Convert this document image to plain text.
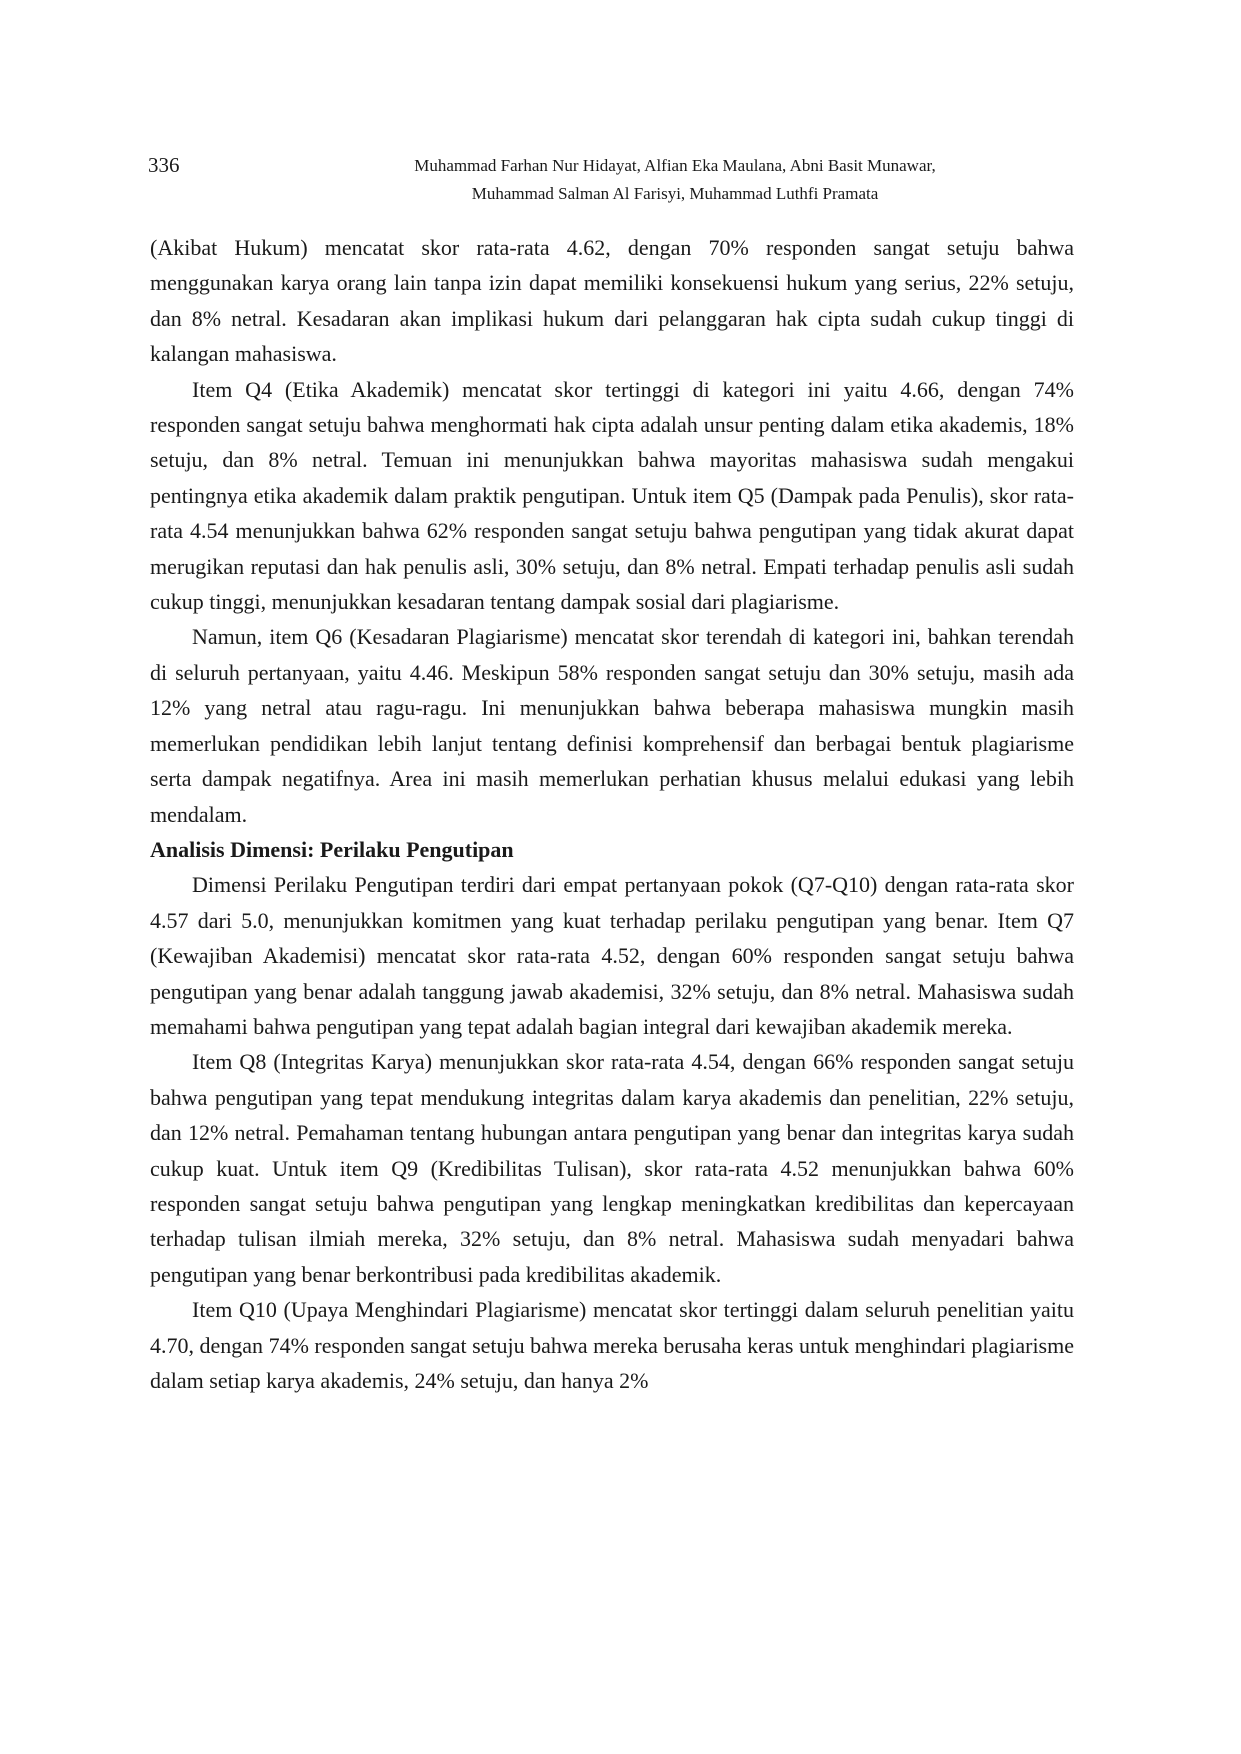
336	Muhammad Farhan Nur Hidayat, Alfian Eka Maulana, Abni Basit Munawar,
Muhammad Salman Al Farisyi, Muhammad Luthfi Pramata

(Akibat Hukum) mencatat skor rata-rata 4.62, dengan 70% responden sangat setuju bahwa menggunakan karya orang lain tanpa izin dapat memiliki konsekuensi hukum yang serius, 22% setuju, dan 8% netral. Kesadaran akan implikasi hukum dari pelanggaran hak cipta sudah cukup tinggi di kalangan mahasiswa.

Item Q4 (Etika Akademik) mencatat skor tertinggi di kategori ini yaitu 4.66, dengan 74% responden sangat setuju bahwa menghormati hak cipta adalah unsur penting dalam etika akademis, 18% setuju, dan 8% netral. Temuan ini menunjukkan bahwa mayoritas mahasiswa sudah mengakui pentingnya etika akademik dalam praktik pengutipan. Untuk item Q5 (Dampak pada Penulis), skor rata-rata 4.54 menunjukkan bahwa 62% responden sangat setuju bahwa pengutipan yang tidak akurat dapat merugikan reputasi dan hak penulis asli, 30% setuju, dan 8% netral. Empati terhadap penulis asli sudah cukup tinggi, menunjukkan kesadaran tentang dampak sosial dari plagiarisme.

Namun, item Q6 (Kesadaran Plagiarisme) mencatat skor terendah di kategori ini, bahkan terendah di seluruh pertanyaan, yaitu 4.46. Meskipun 58% responden sangat setuju dan 30% setuju, masih ada 12% yang netral atau ragu-ragu. Ini menunjukkan bahwa beberapa mahasiswa mungkin masih memerlukan pendidikan lebih lanjut tentang definisi komprehensif dan berbagai bentuk plagiarisme serta dampak negatifnya. Area ini masih memerlukan perhatian khusus melalui edukasi yang lebih mendalam.

Analisis Dimensi: Perilaku Pengutipan

Dimensi Perilaku Pengutipan terdiri dari empat pertanyaan pokok (Q7-Q10) dengan rata-rata skor 4.57 dari 5.0, menunjukkan komitmen yang kuat terhadap perilaku pengutipan yang benar. Item Q7 (Kewajiban Akademisi) mencatat skor rata-rata 4.52, dengan 60% responden sangat setuju bahwa pengutipan yang benar adalah tanggung jawab akademisi, 32% setuju, dan 8% netral. Mahasiswa sudah memahami bahwa pengutipan yang tepat adalah bagian integral dari kewajiban akademik mereka.

Item Q8 (Integritas Karya) menunjukkan skor rata-rata 4.54, dengan 66% responden sangat setuju bahwa pengutipan yang tepat mendukung integritas dalam karya akademis dan penelitian, 22% setuju, dan 12% netral. Pemahaman tentang hubungan antara pengutipan yang benar dan integritas karya sudah cukup kuat. Untuk item Q9 (Kredibilitas Tulisan), skor rata-rata 4.52 menunjukkan bahwa 60% responden sangat setuju bahwa pengutipan yang lengkap meningkatkan kredibilitas dan kepercayaan terhadap tulisan ilmiah mereka, 32% setuju, dan 8% netral. Mahasiswa sudah menyadari bahwa pengutipan yang benar berkontribusi pada kredibilitas akademik.

Item Q10 (Upaya Menghindari Plagiarisme) mencatat skor tertinggi dalam seluruh penelitian yaitu 4.70, dengan 74% responden sangat setuju bahwa mereka berusaha keras untuk menghindari plagiarisme dalam setiap karya akademis, 24% setuju, dan hanya 2%
